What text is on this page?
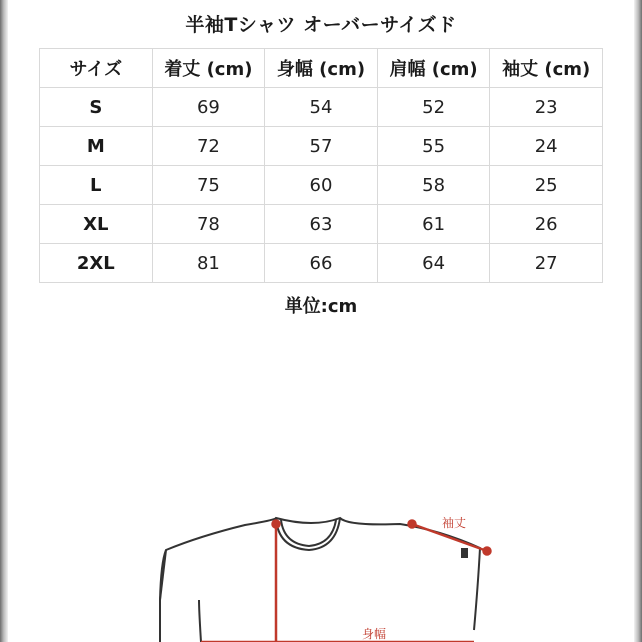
半袖Tシャツ オーバーサイズド
サイズ	着丈 (cm)	身幅 (cm)	肩幅 (cm)	袖丈 (cm)
S	69	54	52	23
M	72	57	55	24
L	75	60	58	25
XL	78	63	61	26
2XL	81	66	64	27
単位:cm
袖丈
身幅
